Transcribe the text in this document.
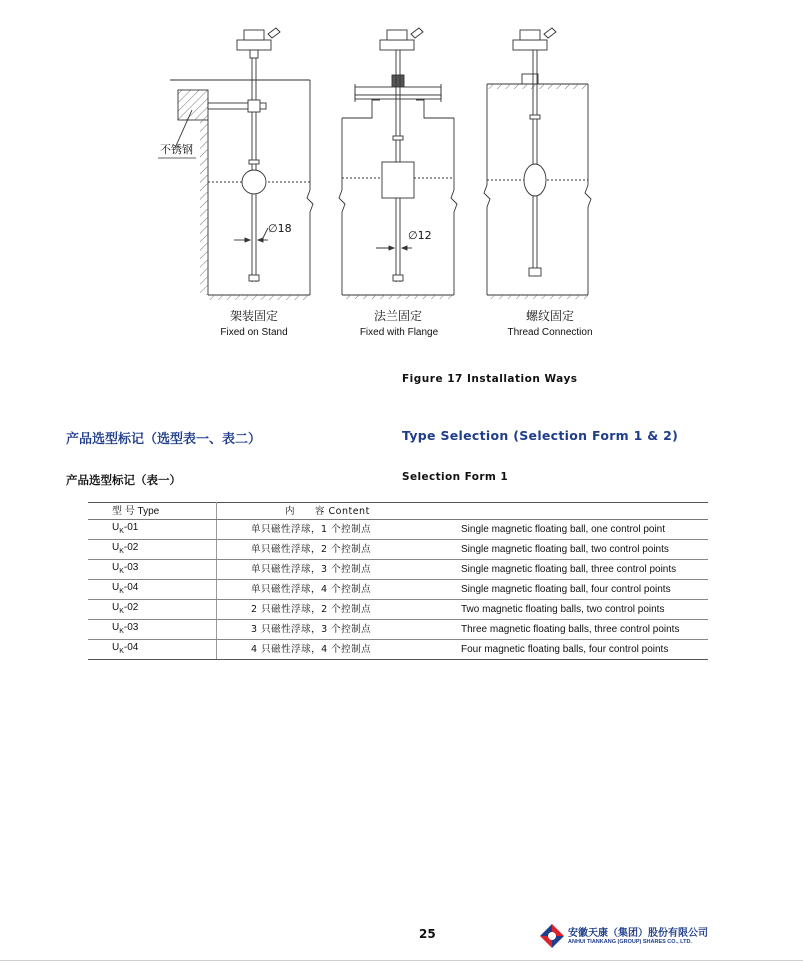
不锈钢
∅18
∅12
架装固定
Fixed on Stand
法兰固定
Fixed with Flange
螺纹固定
Thread Connection
Figure 17 Installation Ways
产品选型标记（选型表一、表二）	Type Selection (Selection Form 1 & 2)
产品选型标记（表一）	Selection Form 1
型 号 Type	内　　容 Content	
$U_K-01$	单只磁性浮球，1 个控制点	Single magnetic floating ball, one control point
$U_K-02$	单只磁性浮球，2 个控制点	Single magnetic floating ball, two control points
$U_K-03$	单只磁性浮球，3 个控制点	Single magnetic floating ball, three control points
$U_K-04$	单只磁性浮球，4 个控制点	Single magnetic floating ball, four control points
$U_K-02$	2 只磁性浮球，2 个控制点	Two magnetic floating balls, two control points
$U_K-03$	3 只磁性浮球，3 个控制点	Three magnetic floating balls, three control points
$U_K-04$	4 只磁性浮球，4 个控制点	Four magnetic floating balls, four control points
25	安徽天康（集团）股份有限公司
ANHUI TIANKANG (GROUP) SHARES CO., LTD.
